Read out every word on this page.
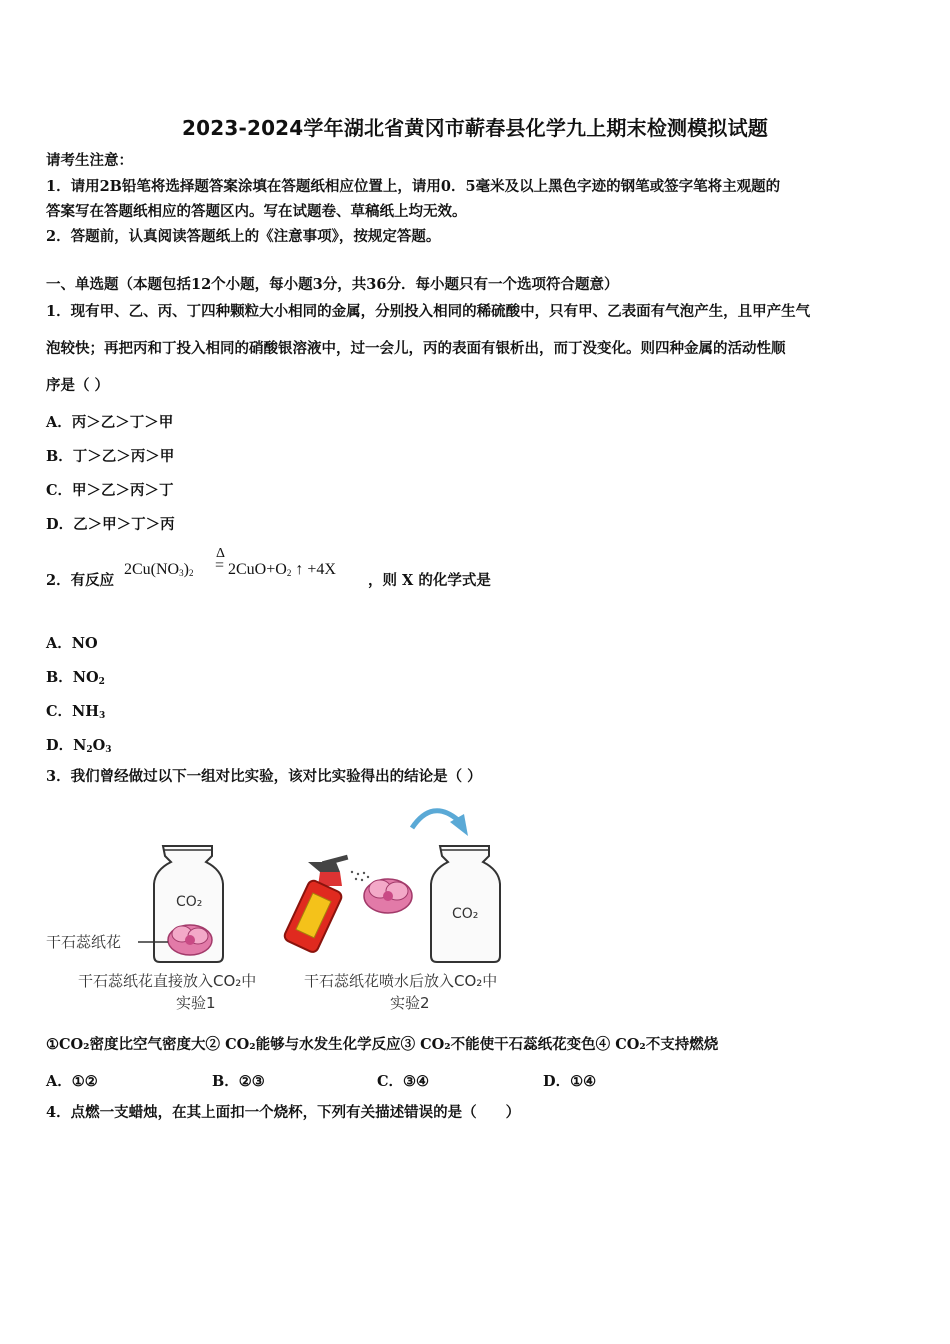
2023-2024学年湖北省黄冈市蕲春县化学九上期末检测模拟试题
请考生注意：
1．请用2B铅笔将选择题答案涂填在答题纸相应位置上，请用0．5毫米及以上黑色字迹的钢笔或签字笔将主观题的
答案写在答题纸相应的答题区内。写在试题卷、草稿纸上均无效。
2．答题前，认真阅读答题纸上的《注意事项》，按规定答题。
一、单选题（本题包括12个小题，每小题3分，共36分．每小题只有一个选项符合题意）
1．现有甲、乙、丙、丁四种颗粒大小相同的金属，分别投入相同的稀硫酸中，只有甲、乙表面有气泡产生，且甲产生气
泡较快；再把丙和丁投入相同的硝酸银溶液中，过一会儿，丙的表面有银析出，而丁没变化。则四种金属的活动性顺
序是（ ）
A．丙＞乙＞丁＞甲
B．丁＞乙＞丙＞甲
C．甲＞乙＞丙＞丁
D．乙＞甲＞丁＞丙
2．有反应
$2Cu(NO_3)_2$
Δ
= $2CuO+O_2$ ↑ +4X
，则 X 的化学式是
A．NO
B．$NO_2$
C．$NH_3$
D．$N_2O_3$
3．我们曾经做过以下一组对比实验，该对比实验得出的结论是（ ）
CO₂
干石蕊纸花
CO₂
干石蕊纸花直接放入CO₂中
实验1
干石蕊纸花喷水后放入CO₂中
实验2
①CO₂密度比空气密度大② CO₂能够与水发生化学反应③ CO₂不能使干石蕊纸花变色④ CO₂不支持燃烧
A．①②	B．②③	C．③④	D．①④
4．点燃一支蜡烛，在其上面扣一个烧杯，下列有关描述错误的是（　　）
